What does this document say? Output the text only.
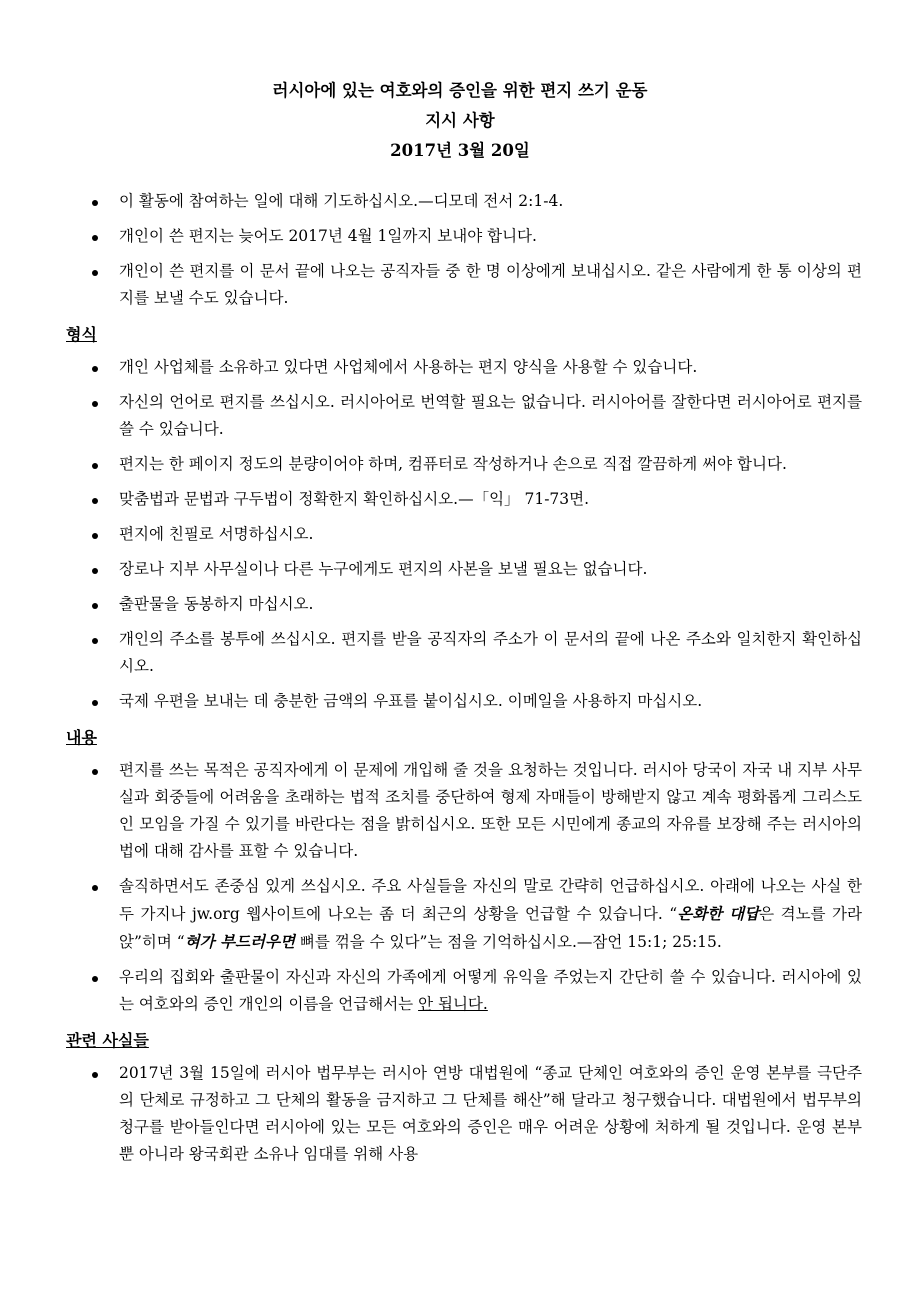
러시아에 있는 여호와의 증인을 위한 편지 쓰기 운동
지시 사항
2017년 3월 20일
이 활동에 참여하는 일에 대해 기도하십시오.—디모데 전서 2:1-4.
개인이 쓴 편지는 늦어도 2017년 4월 1일까지 보내야 합니다.
개인이 쓴 편지를 이 문서 끝에 나오는 공직자들 중 한 명 이상에게 보내십시오. 같은 사람에게 한 통 이상의 편지를 보낼 수도 있습니다.
형식
개인 사업체를 소유하고 있다면 사업체에서 사용하는 편지 양식을 사용할 수 있습니다.
자신의 언어로 편지를 쓰십시오. 러시아어로 번역할 필요는 없습니다. 러시아어를 잘한다면 러시아어로 편지를 쓸 수 있습니다.
편지는 한 페이지 정도의 분량이어야 하며, 컴퓨터로 작성하거나 손으로 직접 깔끔하게 써야 합니다.
맞춤법과 문법과 구두법이 정확한지 확인하십시오.—「익」 71-73면.
편지에 친필로 서명하십시오.
장로나 지부 사무실이나 다른 누구에게도 편지의 사본을 보낼 필요는 없습니다.
출판물을 동봉하지 마십시오.
개인의 주소를 봉투에 쓰십시오. 편지를 받을 공직자의 주소가 이 문서의 끝에 나온 주소와 일치한지 확인하십시오.
국제 우편을 보내는 데 충분한 금액의 우표를 붙이십시오. 이메일을 사용하지 마십시오.
내용
편지를 쓰는 목적은 공직자에게 이 문제에 개입해 줄 것을 요청하는 것입니다. 러시아 당국이 자국 내 지부 사무실과 회중들에 어려움을 초래하는 법적 조치를 중단하여 형제 자매들이 방해받지 않고 계속 평화롭게 그리스도인 모임을 가질 수 있기를 바란다는 점을 밝히십시오. 또한 모든 시민에게 종교의 자유를 보장해 주는 러시아의 법에 대해 감사를 표할 수 있습니다.
솔직하면서도 존중심 있게 쓰십시오. 주요 사실들을 자신의 말로 간략히 언급하십시오. 아래에 나오는 사실 한두 가지나 jw.org 웹사이트에 나오는 좀 더 최근의 상황을 언급할 수 있습니다. “온화한 대답은 격노를 가라앉”히며 “혀가 부드러우면 뼈를 꺾을 수 있다”는 점을 기억하십시오.—잠언 15:1; 25:15.
우리의 집회와 출판물이 자신과 자신의 가족에게 어떻게 유익을 주었는지 간단히 쓸 수 있습니다. 러시아에 있는 여호와의 증인 개인의 이름을 언급해서는 안 됩니다.
관련 사실들
2017년 3월 15일에 러시아 법무부는 러시아 연방 대법원에 “종교 단체인 여호와의 증인 운영 본부를 극단주의 단체로 규정하고 그 단체의 활동을 금지하고 그 단체를 해산”해 달라고 청구했습니다. 대법원에서 법무부의 청구를 받아들인다면 러시아에 있는 모든 여호와의 증인은 매우 어려운 상황에 처하게 될 것입니다. 운영 본부뿐 아니라 왕국회관 소유나 임대를 위해 사용
